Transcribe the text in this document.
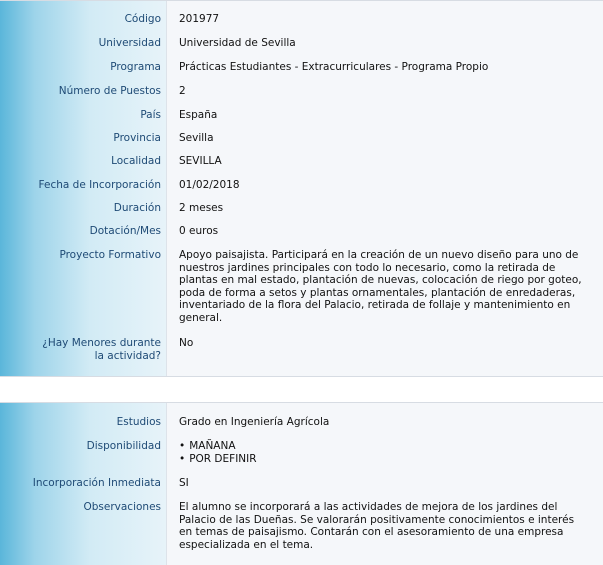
Código 201977
Universidad Universidad de Sevilla
Programa Prácticas Estudiantes - Extracurriculares - Programa Propio
Número de Puestos 2
País España
Provincia Sevilla
Localidad SEVILLA
Fecha de Incorporación 01/02/2018
Duración 2 meses
Dotación/Mes 0 euros
Proyecto Formativo Apoyo paisajista. Participará en la creación de un nuevo diseño para uno de nuestros jardines principales con todo lo necesario, como la retirada de plantas en mal estado, plantación de nuevas, colocación de riego por goteo, poda de forma a setos y plantas ornamentales, plantación de enredaderas, inventariado de la flora del Palacio, retirada de follaje y mantenimiento en general.
¿Hay Menores durante la actividad?
No
Estudios Grado en Ingeniería Agrícola
Disponibilidad
•	MAÑANA
• POR DEFINIR
Incorporación Inmediata SI
Observaciones El alumno se incorporará a las actividades de mejora de los jardines del Palacio de las Dueñas. Se valorarán positivamente conocimientos e interés en temas de paisajismo. Contarán con el asesoramiento de una empresa especializada en el tema.
